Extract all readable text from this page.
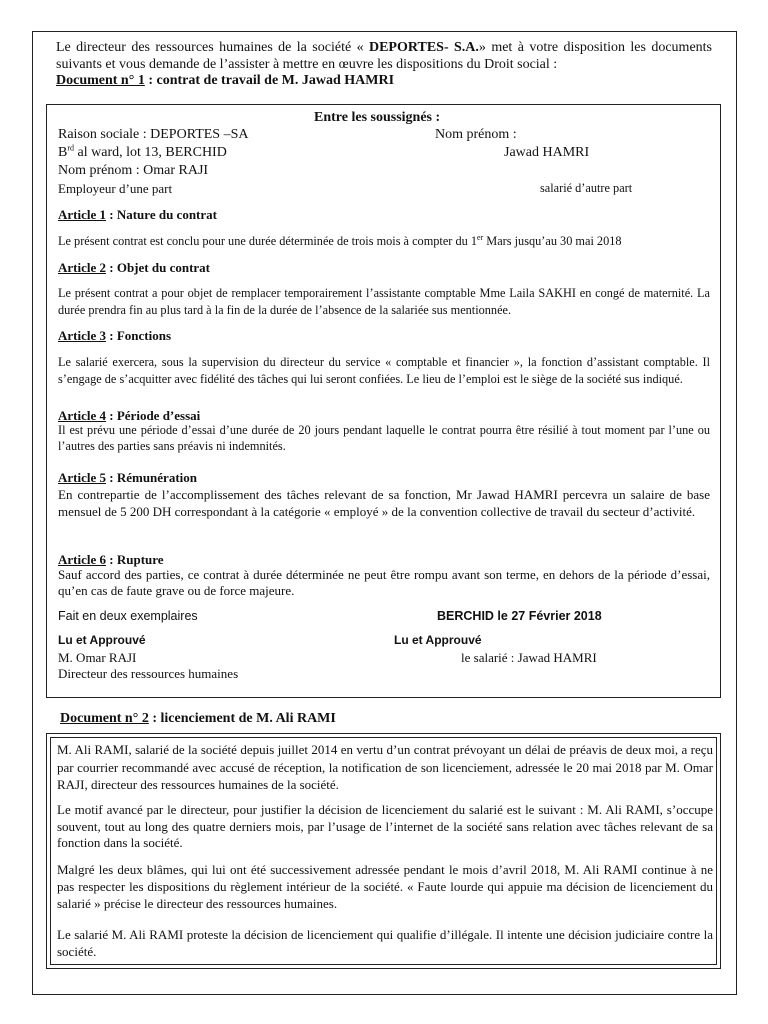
Le directeur des ressources humaines de la société « DEPORTES- S.A.» met à votre disposition les documents suivants et vous demande de l’assister à mettre en œuvre les dispositions du Droit social :
Document n° 1 : contrat de travail de M. Jawad HAMRI
Entre les soussignés :
Raison sociale : DEPORTES –SA	Nom prénom :
$B^{rd}$ al ward, lot 13, BERCHID	Jawad HAMRI
Nom prénom : Omar RAJI
Employeur d’une part	salarié d’autre part
Article 1 : Nature du contrat
Le présent contrat est conclu pour une durée déterminée de trois mois à compter du 1er Mars jusqu’au 30 mai 2018
Article 2 : Objet du contrat
Le présent contrat a pour objet de remplacer temporairement l’assistante comptable Mme Laila SAKHI en congé de maternité. La durée prendra fin au plus tard à la fin de la durée de l’absence de la salariée sus mentionnée.
Article 3 : Fonctions
Le salarié exercera, sous la supervision du directeur du service « comptable et financier », la fonction d’assistant comptable. Il s’engage de s’acquitter avec fidélité des tâches qui lui seront confiées. Le lieu de l’emploi est le siège de la société sus indiqué.
Article 4 : Période d’essai
Il est prévu une période d’essai d’une durée de 20 jours pendant laquelle le contrat pourra être résilié à tout moment par l’une ou l’autres des parties sans préavis ni indemnités.
Article 5 : Rémunération
En contrepartie de l’accomplissement des tâches relevant de sa fonction, Mr Jawad HAMRI percevra un salaire de base mensuel de 5 200 DH correspondant à la catégorie « employé » de la convention collective de travail du secteur d’activité.
Article 6 : Rupture
Sauf accord des parties, ce contrat à durée déterminée ne peut être rompu avant son terme, en dehors de la période d’essai, qu’en cas de faute grave ou de force majeure.
Fait en deux exemplaires	BERCHID le 27 Février 2018
Lu et Approuvé	Lu et Approuvé
M. Omar RAJI	le salarié : Jawad HAMRI
Directeur des ressources humaines
Document n° 2 : licenciement de M. Ali RAMI
M. Ali RAMI, salarié de la société depuis juillet 2014 en vertu d’un contrat prévoyant un délai de préavis de deux moi, a reçu par courrier recommandé avec accusé de réception, la notification de son licenciement, adressée le 20 mai 2018 par M. Omar RAJI, directeur des ressources humaines de la société.
Le motif avancé par le directeur, pour justifier la décision de licenciement du salarié est le suivant : M. Ali RAMI, s’occupe souvent, tout au long des quatre derniers mois, par l’usage de l’internet de la société sans relation avec tâches relevant de sa fonction dans la société.
Malgré les deux blâmes, qui lui ont été successivement adressée pendant le mois d’avril 2018, M. Ali RAMI continue à ne pas respecter les dispositions du règlement intérieur de la société. « Faute lourde qui appuie ma décision de licenciement du salarié » précise le directeur des ressources humaines.
Le salarié M. Ali RAMI proteste la décision de licenciement qui qualifie d’illégale. Il intente une décision judiciaire contre la société.
